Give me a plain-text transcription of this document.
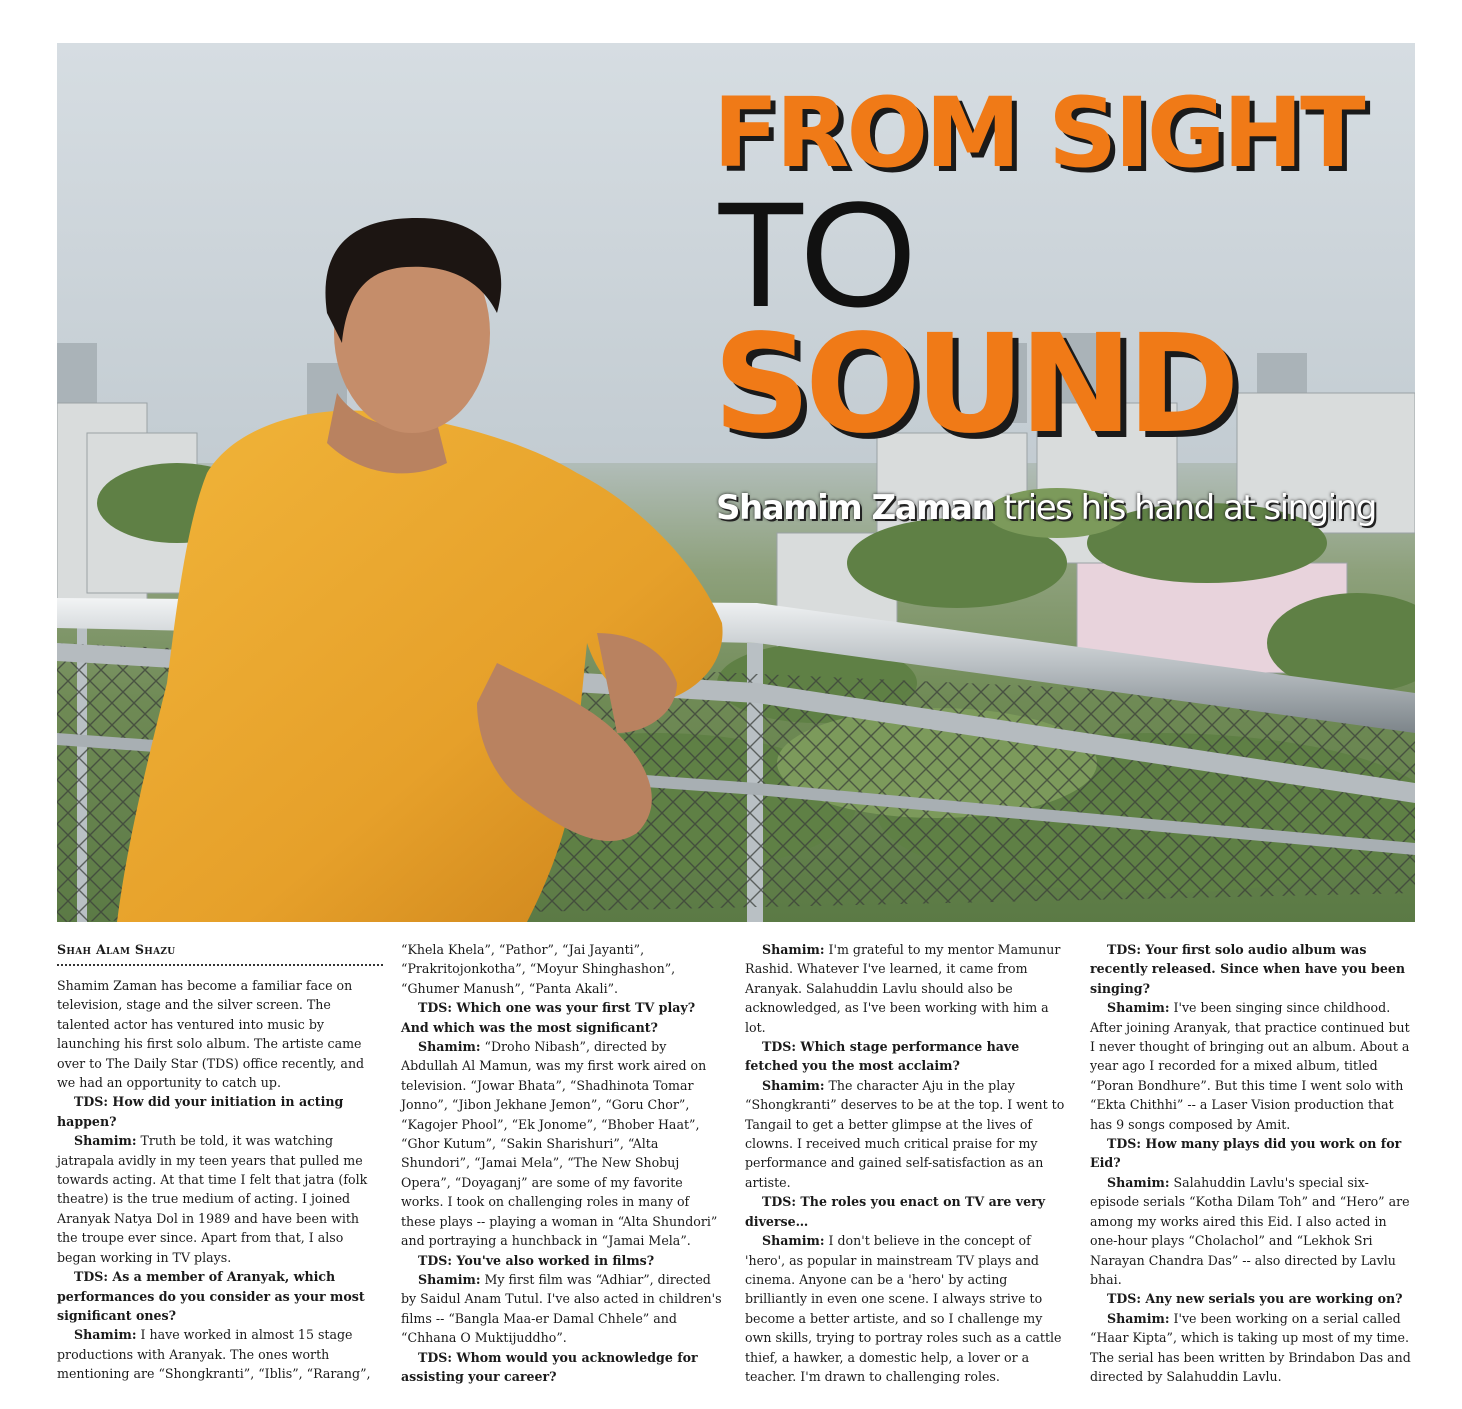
FROM SIGHT
TO
SOUND
Shamim Zaman tries his hand at singing
Shah Alam Shazu

Shamim Zaman has become a familiar face on television, stage and the silver screen. The talented actor has ventured into music by launching his first solo album. The artiste came over to The Daily Star (TDS) office recently, and we had an opportunity to catch up.

TDS: How did your initiation in acting happen?

Shamim: Truth be told, it was watching jatrapala avidly in my teen years that pulled me towards acting. At that time I felt that jatra (folk theatre) is the true medium of acting. I joined Aranyak Natya Dol in 1989 and have been with the troupe ever since. Apart from that, I also began working in TV plays.

TDS: As a member of Aranyak, which performances do you consider as your most significant ones?

Shamim: I have worked in almost 15 stage productions with Aranyak. The ones worth mentioning are “Shongkranti”, “Iblis”, “Rarang”,

“Khela Khela”, “Pathor”, “Jai Jayanti”, “Prakritojonkotha”, “Moyur Shinghashon”, “Ghumer Manush”, “Panta Akali”.

TDS: Which one was your first TV play? And which was the most significant?

Shamim: “Droho Nibash”, directed by Abdullah Al Mamun, was my first work aired on television. “Jowar Bhata”, “Shadhinota Tomar Jonno”, “Jibon Jekhane Jemon”, “Goru Chor”, “Kagojer Phool”, “Ek Jonome”, “Bhober Haat”, “Ghor Kutum”, “Sakin Sharishuri”, “Alta Shundori”, “Jamai Mela”, “The New Shobuj Opera”, “Doyaganj” are some of my favorite works. I took on challenging roles in many of these plays -- playing a woman in “Alta Shundori” and portraying a hunchback in “Jamai Mela”.

TDS: You've also worked in films?

Shamim: My first film was “Adhiar”, directed by Saidul Anam Tutul. I've also acted in children's films -- “Bangla Maa-er Damal Chhele” and “Chhana O Muktijuddho”.

TDS: Whom would you acknowledge for assisting your career?

Shamim: I'm grateful to my mentor Mamunur Rashid. Whatever I've learned, it came from Aranyak. Salahuddin Lavlu should also be acknowledged, as I've been working with him a lot.

TDS: Which stage performance have fetched you the most acclaim?

Shamim: The character Aju in the play “Shongkranti” deserves to be at the top. I went to Tangail to get a better glimpse at the lives of clowns. I received much critical praise for my performance and gained self-satisfaction as an artiste.

TDS: The roles you enact on TV are very diverse…

Shamim: I don't believe in the concept of 'hero', as popular in mainstream TV plays and cinema. Anyone can be a 'hero' by acting brilliantly in even one scene. I always strive to become a better artiste, and so I challenge my own skills, trying to portray roles such as a cattle thief, a hawker, a domestic help, a lover or a teacher. I'm drawn to challenging roles.

TDS: Your first solo audio album was recently released. Since when have you been singing?

Shamim: I've been singing since childhood. After joining Aranyak, that practice continued but I never thought of bringing out an album. About a year ago I recorded for a mixed album, titled “Poran Bondhure”. But this time I went solo with “Ekta Chithhi” -- a Laser Vision production that has 9 songs composed by Amit.

TDS: How many plays did you work on for Eid?

Shamim: Salahuddin Lavlu's special six-episode serials “Kotha Dilam Toh” and “Hero” are among my works aired this Eid. I also acted in one-hour plays “Cholachol” and “Lekhok Sri Narayan Chandra Das” -- also directed by Lavlu bhai.

TDS: Any new serials you are working on?

Shamim: I've been working on a serial called “Haar Kipta”, which is taking up most of my time. The serial has been written by Brindabon Das and directed by Salahuddin Lavlu.
